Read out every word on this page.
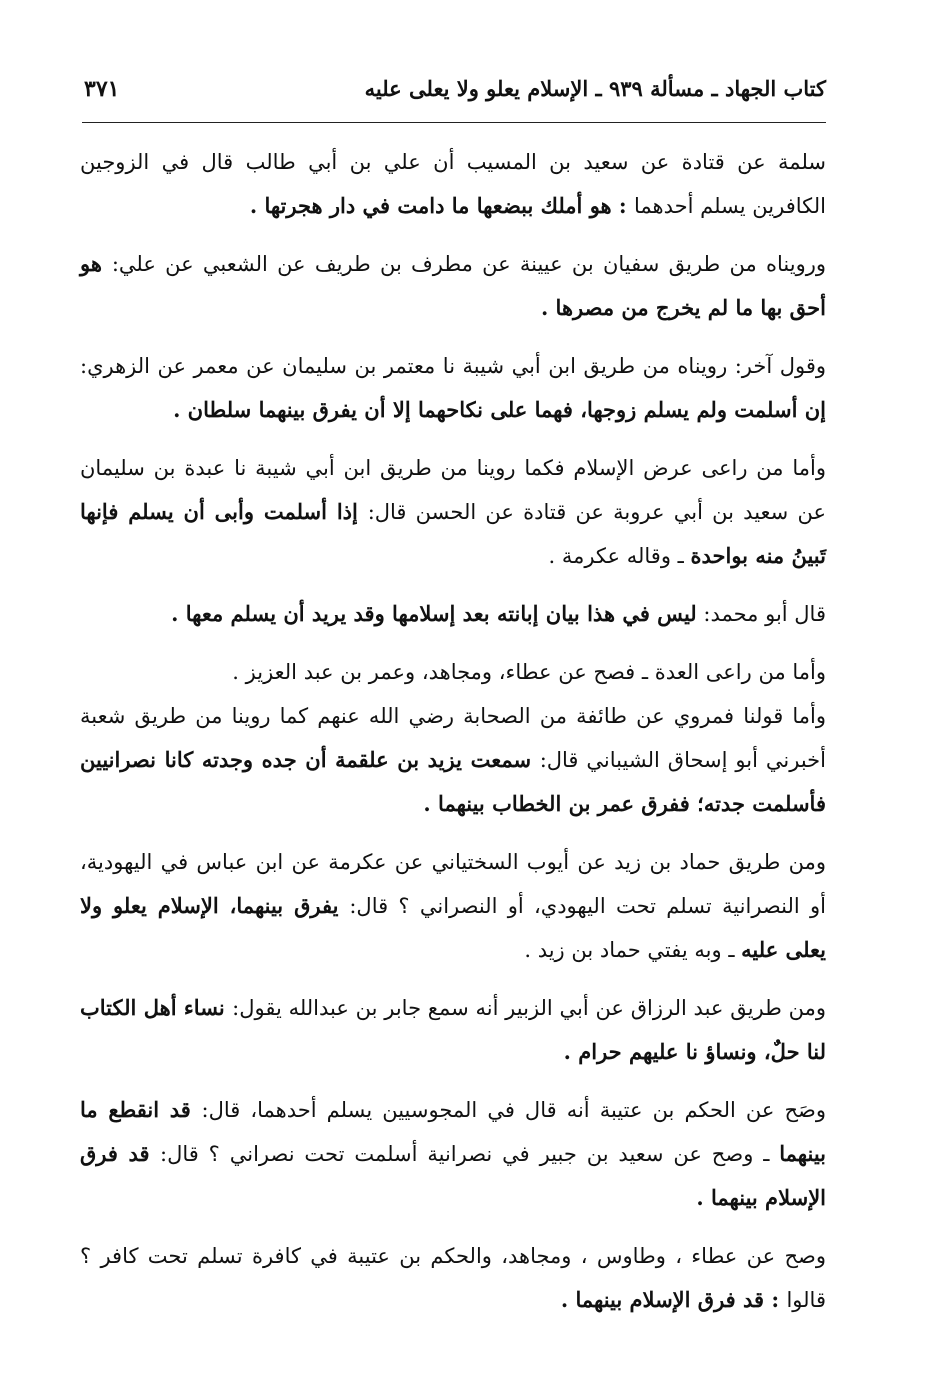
كتاب الجهاد ـ مسألة ٩٣٩ ـ الإسلام يعلو ولا يعلى عليه
٣٧١

سلمة عن قتادة عن سعيد بن المسيب أن علي بن أبي طالب قال في الزوجين الكافرين يسلم أحدهما : هو أملك ببضعها ما دامت في دار هجرتها .

ورويناه من طريق سفيان بن عيينة عن مطرف بن طريف عن الشعبي عن علي: هو أحق بها ما لم يخرج من مصرها .

وقول آخر: رويناه من طريق ابن أبي شيبة نا معتمر بن سليمان عن معمر عن الزهري: إن أسلمت ولم يسلم زوجها، فهما على نكاحهما إلا أن يفرق بينهما سلطان .

وأما من راعى عرض الإسلام فكما روينا من طريق ابن أبي شيبة نا عبدة بن سليمان عن سعيد بن أبي عروبة عن قتادة عن الحسن قال: إذا أسلمت وأبى أن يسلم فإنها تَبينُ منه بواحدة ـ وقاله عكرمة .

قال أبو محمد: ليس في هذا بيان إبانته بعد إسلامها وقد يريد أن يسلم معها .

وأما من راعى العدة ـ فصح عن عطاء، ومجاهد، وعمر بن عبد العزيز .

وأما قولنا فمروي عن طائفة من الصحابة رضي الله عنهم كما روينا من طريق شعبة أخبرني أبو إسحاق الشيباني قال: سمعت يزيد بن علقمة أن جده وجدته كانا نصرانيين فأسلمت جدته؛ ففرق عمر بن الخطاب بينهما .

ومن طريق حماد بن زيد عن أيوب السختياني عن عكرمة عن ابن عباس في اليهودية، أو النصرانية تسلم تحت اليهودي، أو النصراني ؟ قال: يفرق بينهما، الإسلام يعلو ولا يعلى عليه ـ وبه يفتي حماد بن زيد .

ومن طريق عبد الرزاق عن أبي الزبير أنه سمع جابر بن عبدالله يقول: نساء أهل الكتاب لنا حلٌ، ونساؤ نا عليهم حرام .

وصَح عن الحكم بن عتيبة أنه قال في المجوسيين يسلم أحدهما، قال: قد انقطع ما بينهما ـ وصح عن سعيد بن جبير في نصرانية أسلمت تحت نصراني ؟ قال: قد فرق الإسلام بينهما .

وصح عن عطاء ، وطاوس ، ومجاهد، والحكم بن عتيبة في كافرة تسلم تحت كافر ؟ قالوا : قد فرق الإسلام بينهما .
